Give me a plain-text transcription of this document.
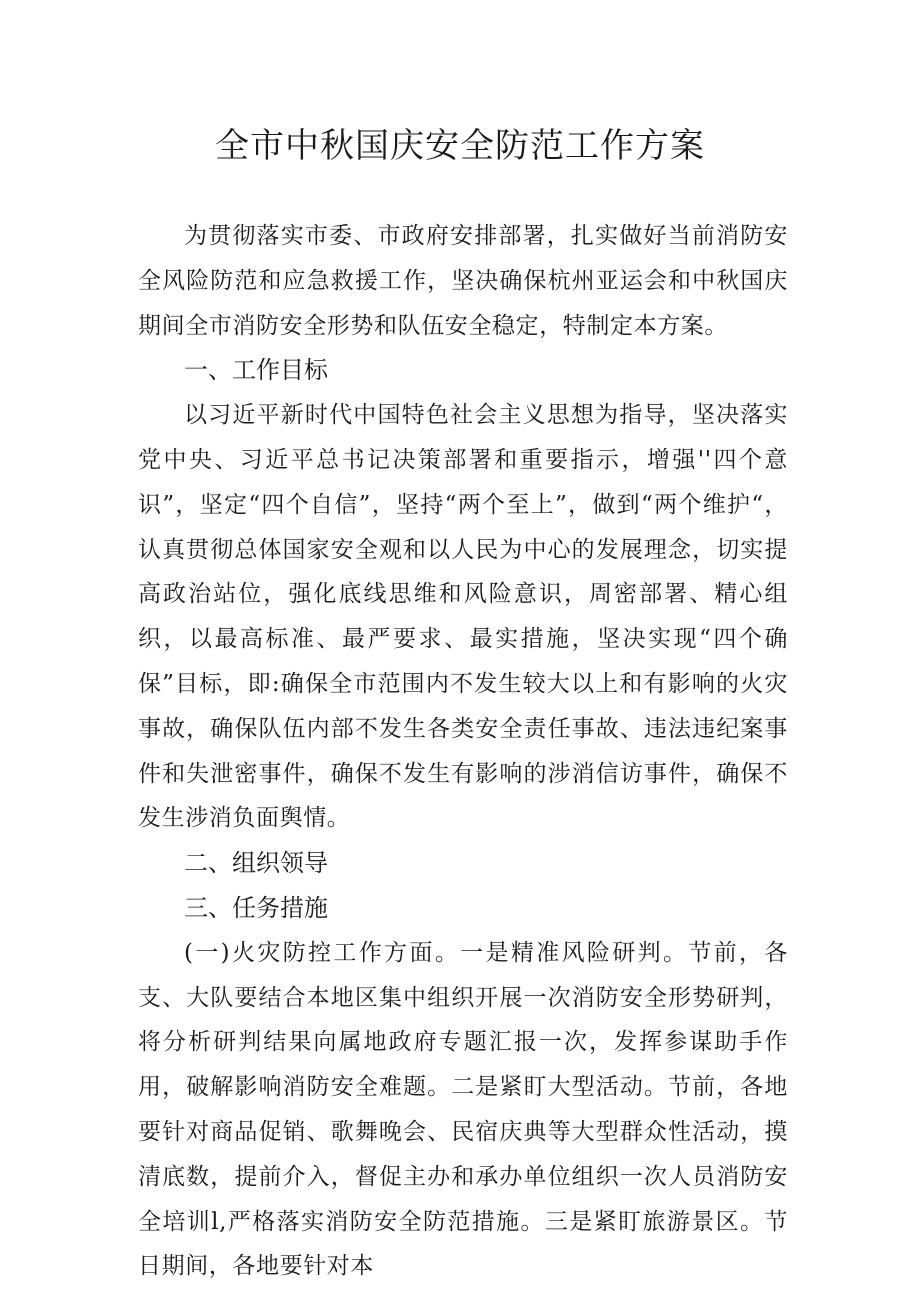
全市中秋国庆安全防范工作方案

为贯彻落实市委、市政府安排部署，扎实做好当前消防安全风险防范和应急救援工作，坚决确保杭州亚运会和中秋国庆期间全市消防安全形势和队伍安全稳定，特制定本方案。

一、工作目标

以习近平新时代中国特色社会主义思想为指导，坚决落实党中央、习近平总书记决策部署和重要指示，增强''四个意识”，坚定“四个自信”，坚持“两个至上”，做到“两个维护“，认真贯彻总体国家安全观和以人民为中心的发展理念，切实提高政治站位，强化底线思维和风险意识，周密部署、精心组织，以最高标准、最严要求、最实措施，坚决实现“四个确保”目标，即:确保全市范围内不发生较大以上和有影响的火灾事故，确保队伍内部不发生各类安全责任事故、违法违纪案事件和失泄密事件，确保不发生有影响的涉消信访事件，确保不发生涉消负面舆情。

二、组织领导

三、任务措施

(一)火灾防控工作方面。一是精准风险研判。节前，各支、大队要结合本地区集中组织开展一次消防安全形势研判，将分析研判结果向属地政府专题汇报一次，发挥参谋助手作用，破解影响消防安全难题。二是紧盯大型活动。节前，各地要针对商品促销、歌舞晚会、民宿庆典等大型群众性活动，摸清底数，提前介入，督促主办和承办单位组织一次人员消防安全培训l,严格落实消防安全防范措施。三是紧盯旅游景区。节日期间，各地要针对本
